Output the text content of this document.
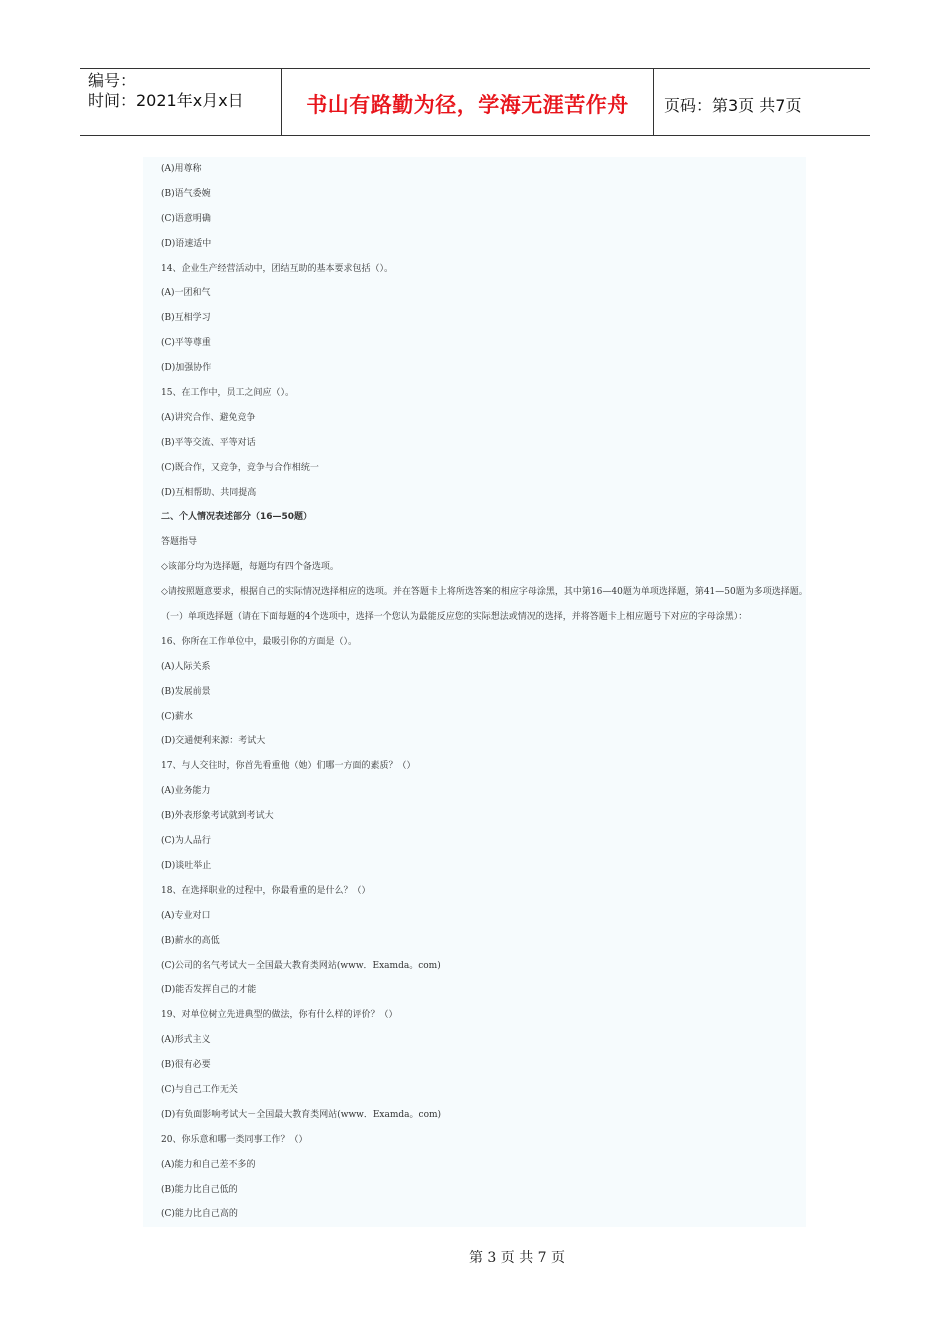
编号：
时间：2021年x月x日	书山有路勤为径，学海无涯苦作舟	页码：第3页 共7页
(A)用尊称
(B)语气委婉
(C)语意明确
(D)语速适中
14、企业生产经营活动中，团结互助的基本要求包括（）。
(A)一团和气
(B)互相学习
(C)平等尊重
(D)加强协作
15、在工作中，员工之间应（）。
(A)讲究合作、避免竞争
(B)平等交流、平等对话
(C)既合作，又竞争，竞争与合作相统一
(D)互相帮助、共同提高
二、个人情况表述部分（16—50题）
答题指导
◇该部分均为选择题，每题均有四个备选项。
◇请按照题意要求，根据自己的实际情况选择相应的选项。并在答题卡上将所选答案的相应字母涂黑，其中第16—40题为单项选择题，第41—50题为多项选择题。
（一）单项选择题（请在下面每题的4个选项中，选择一个您认为最能反应您的实际想法或情况的选择，并将答题卡上相应题号下对应的字母涂黑）：
16、你所在工作单位中，最吸引你的方面是（）。
(A)人际关系
(B)发展前景
(C)薪水
(D)交通便利来源：考试大
17、与人交往时，你首先看重他（她）们哪一方面的素质？（）
(A)业务能力
(B)外表形象考试就到考试大
(C)为人品行
(D)谈吐举止
18、在选择职业的过程中，你最看重的是什么？（）
(A)专业对口
(B)薪水的高低
(C)公司的名气考试大－全国最大教育类网站(www．Examda。com)
(D)能否发挥自己的才能
19、对单位树立先进典型的做法，你有什么样的评价？（）
(A)形式主义
(B)很有必要
(C)与自己工作无关
(D)有负面影响考试大－全国最大教育类网站(www．Examda。com)
20、你乐意和哪一类同事工作？（）
(A)能力和自己差不多的
(B)能力比自己低的
(C)能力比自己高的
第 3 页 共 7 页
